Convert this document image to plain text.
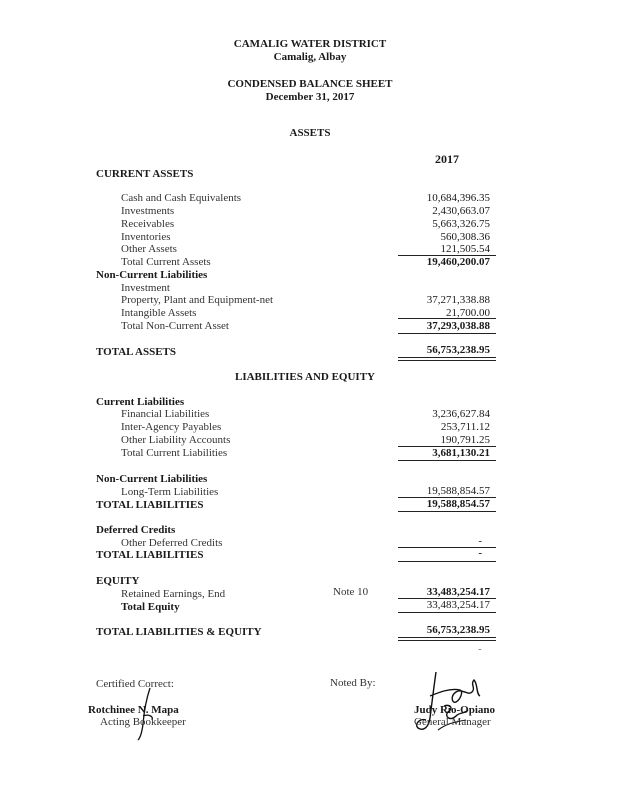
CAMALIG WATER DISTRICT
Camalig, Albay
CONDENSED BALANCE SHEET
December 31, 2017
ASSETS
2017
CURRENT ASSETS
Cash and Cash Equivalents	10,684,396.35
Investments	2,430,663.07
Receivables	5,663,326.75
Inventories	560,308.36
Other Assets	121,505.54
Total Current Assets	19,460,200.07
Non-Current Liabilities
Investment
Property, Plant and Equipment-net	37,271,338.88
Intangible Assets	21,700.00
Total Non-Current Asset	37,293,038.88
TOTAL ASSETS	56,753,238.95
LIABILITIES AND EQUITY
Current Liabilities
Financial Liabilities	3,236,627.84
Inter-Agency Payables	253,711.12
Other Liability Accounts	190,791.25
Total Current Liabilities	3,681,130.21
Non-Current Liabilities
Long-Term Liabilities	19,588,854.57
TOTAL LIABILITIES	19,588,854.57
Deferred Credits
Other Deferred Credits	-
TOTAL LIABILITIES	-
EQUITY
Retained Earnings, End	Note 10	33,483,254.17
Total Equity	33,483,254.17
TOTAL LIABILITIES & EQUITY	56,753,238.95
-
Certified Correct:	Noted By:
Rotchinee N. Mapa
Acting Bookkeeper
Judy Rio-Opiano
General Manager
